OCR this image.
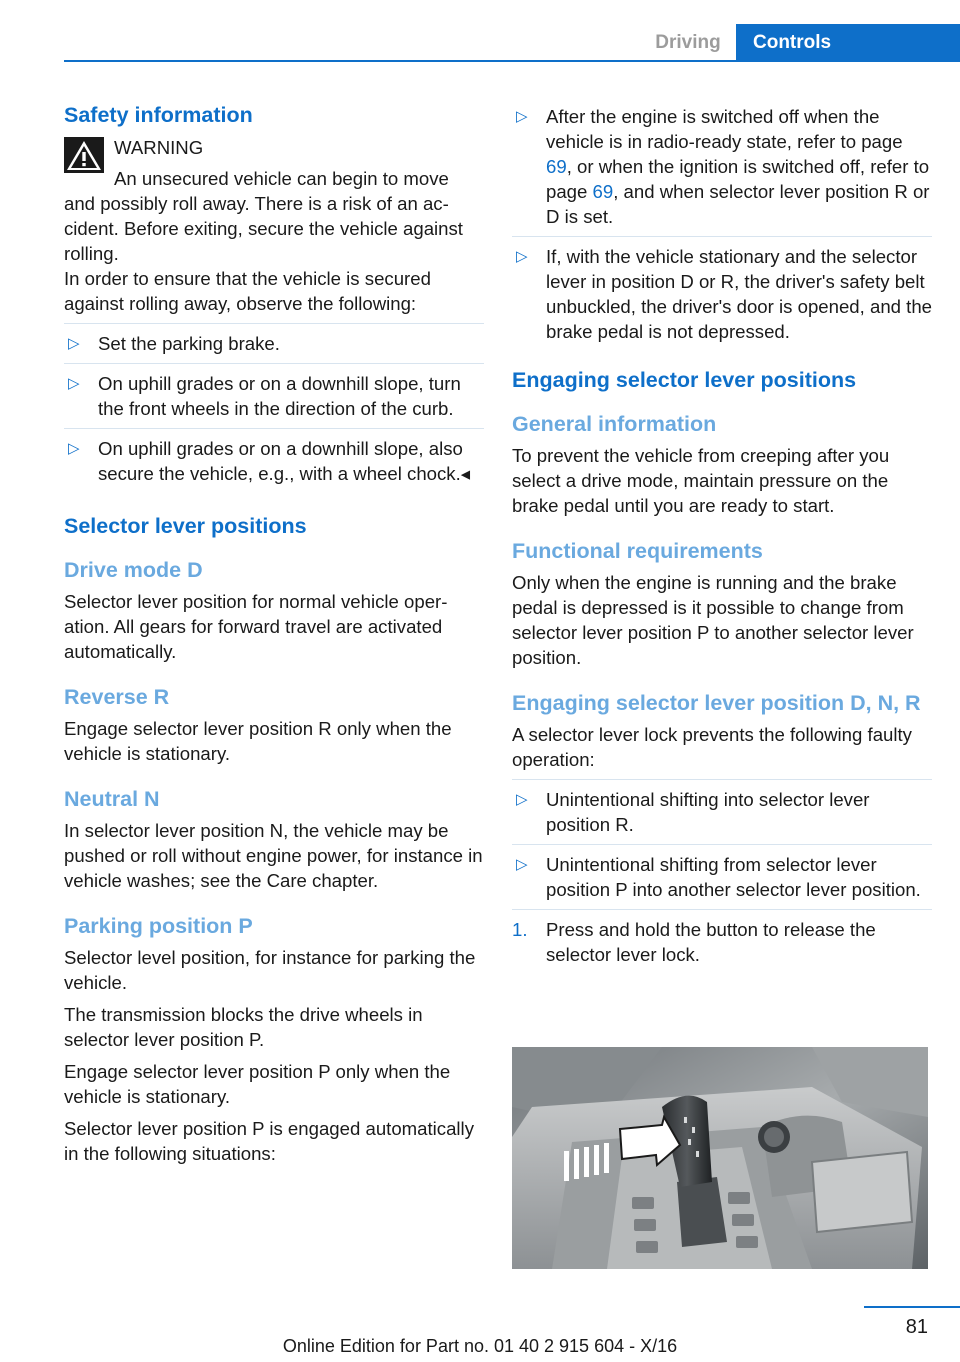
Driving	Controls
Safety information
WARNING
An unsecured vehicle can begin to move and possibly roll away. There is a risk of an accident. Before exiting, secure the vehicle against rolling.

In order to ensure that the vehicle is secured against rolling away, observe the following:

▷ Set the parking brake.
▷ On uphill grades or on a downhill slope, turn the front wheels in the direction of the curb.
▷ On uphill grades or on a downhill slope, also secure the vehicle, e.g., with a wheel chock.◂
Selector lever positions
Drive mode D

Selector lever position for normal vehicle operation. All gears for forward travel are activated automatically.

Reverse R

Engage selector lever position R only when the vehicle is stationary.

Neutral N

In selector lever position N, the vehicle may be pushed or roll without engine power, for instance in vehicle washes; see the Care chapter.

Parking position P

Selector level position, for instance for parking the vehicle.

The transmission blocks the drive wheels in selector lever position P.

Engage selector lever position P only when the vehicle is stationary.

Selector lever position P is engaged automatically in the following situations:

▷ After the engine is switched off when the vehicle is in radio-ready state, refer to page 69, or when the ignition is switched off, refer to page 69, and when selector lever position R or D is set.
▷ If, with the vehicle stationary and the selector lever in position D or R, the driver's safety belt unbuckled, the driver's door is opened, and the brake pedal is not depressed.
Engaging selector lever positions
General information

To prevent the vehicle from creeping after you select a drive mode, maintain pressure on the brake pedal until you are ready to start.

Functional requirements

Only when the engine is running and the brake pedal is depressed is it possible to change from selector lever position P to another selector lever position.

Engaging selector lever position D, N, R

A selector lever lock prevents the following faulty operation:

▷ Unintentional shifting into selector lever position R.
▷ Unintentional shifting from selector lever position P into another selector lever position.
1. Press and hold the button to release the selector lever lock.
81
Online Edition for Part no. 01 40 2 915 604 - X/16
